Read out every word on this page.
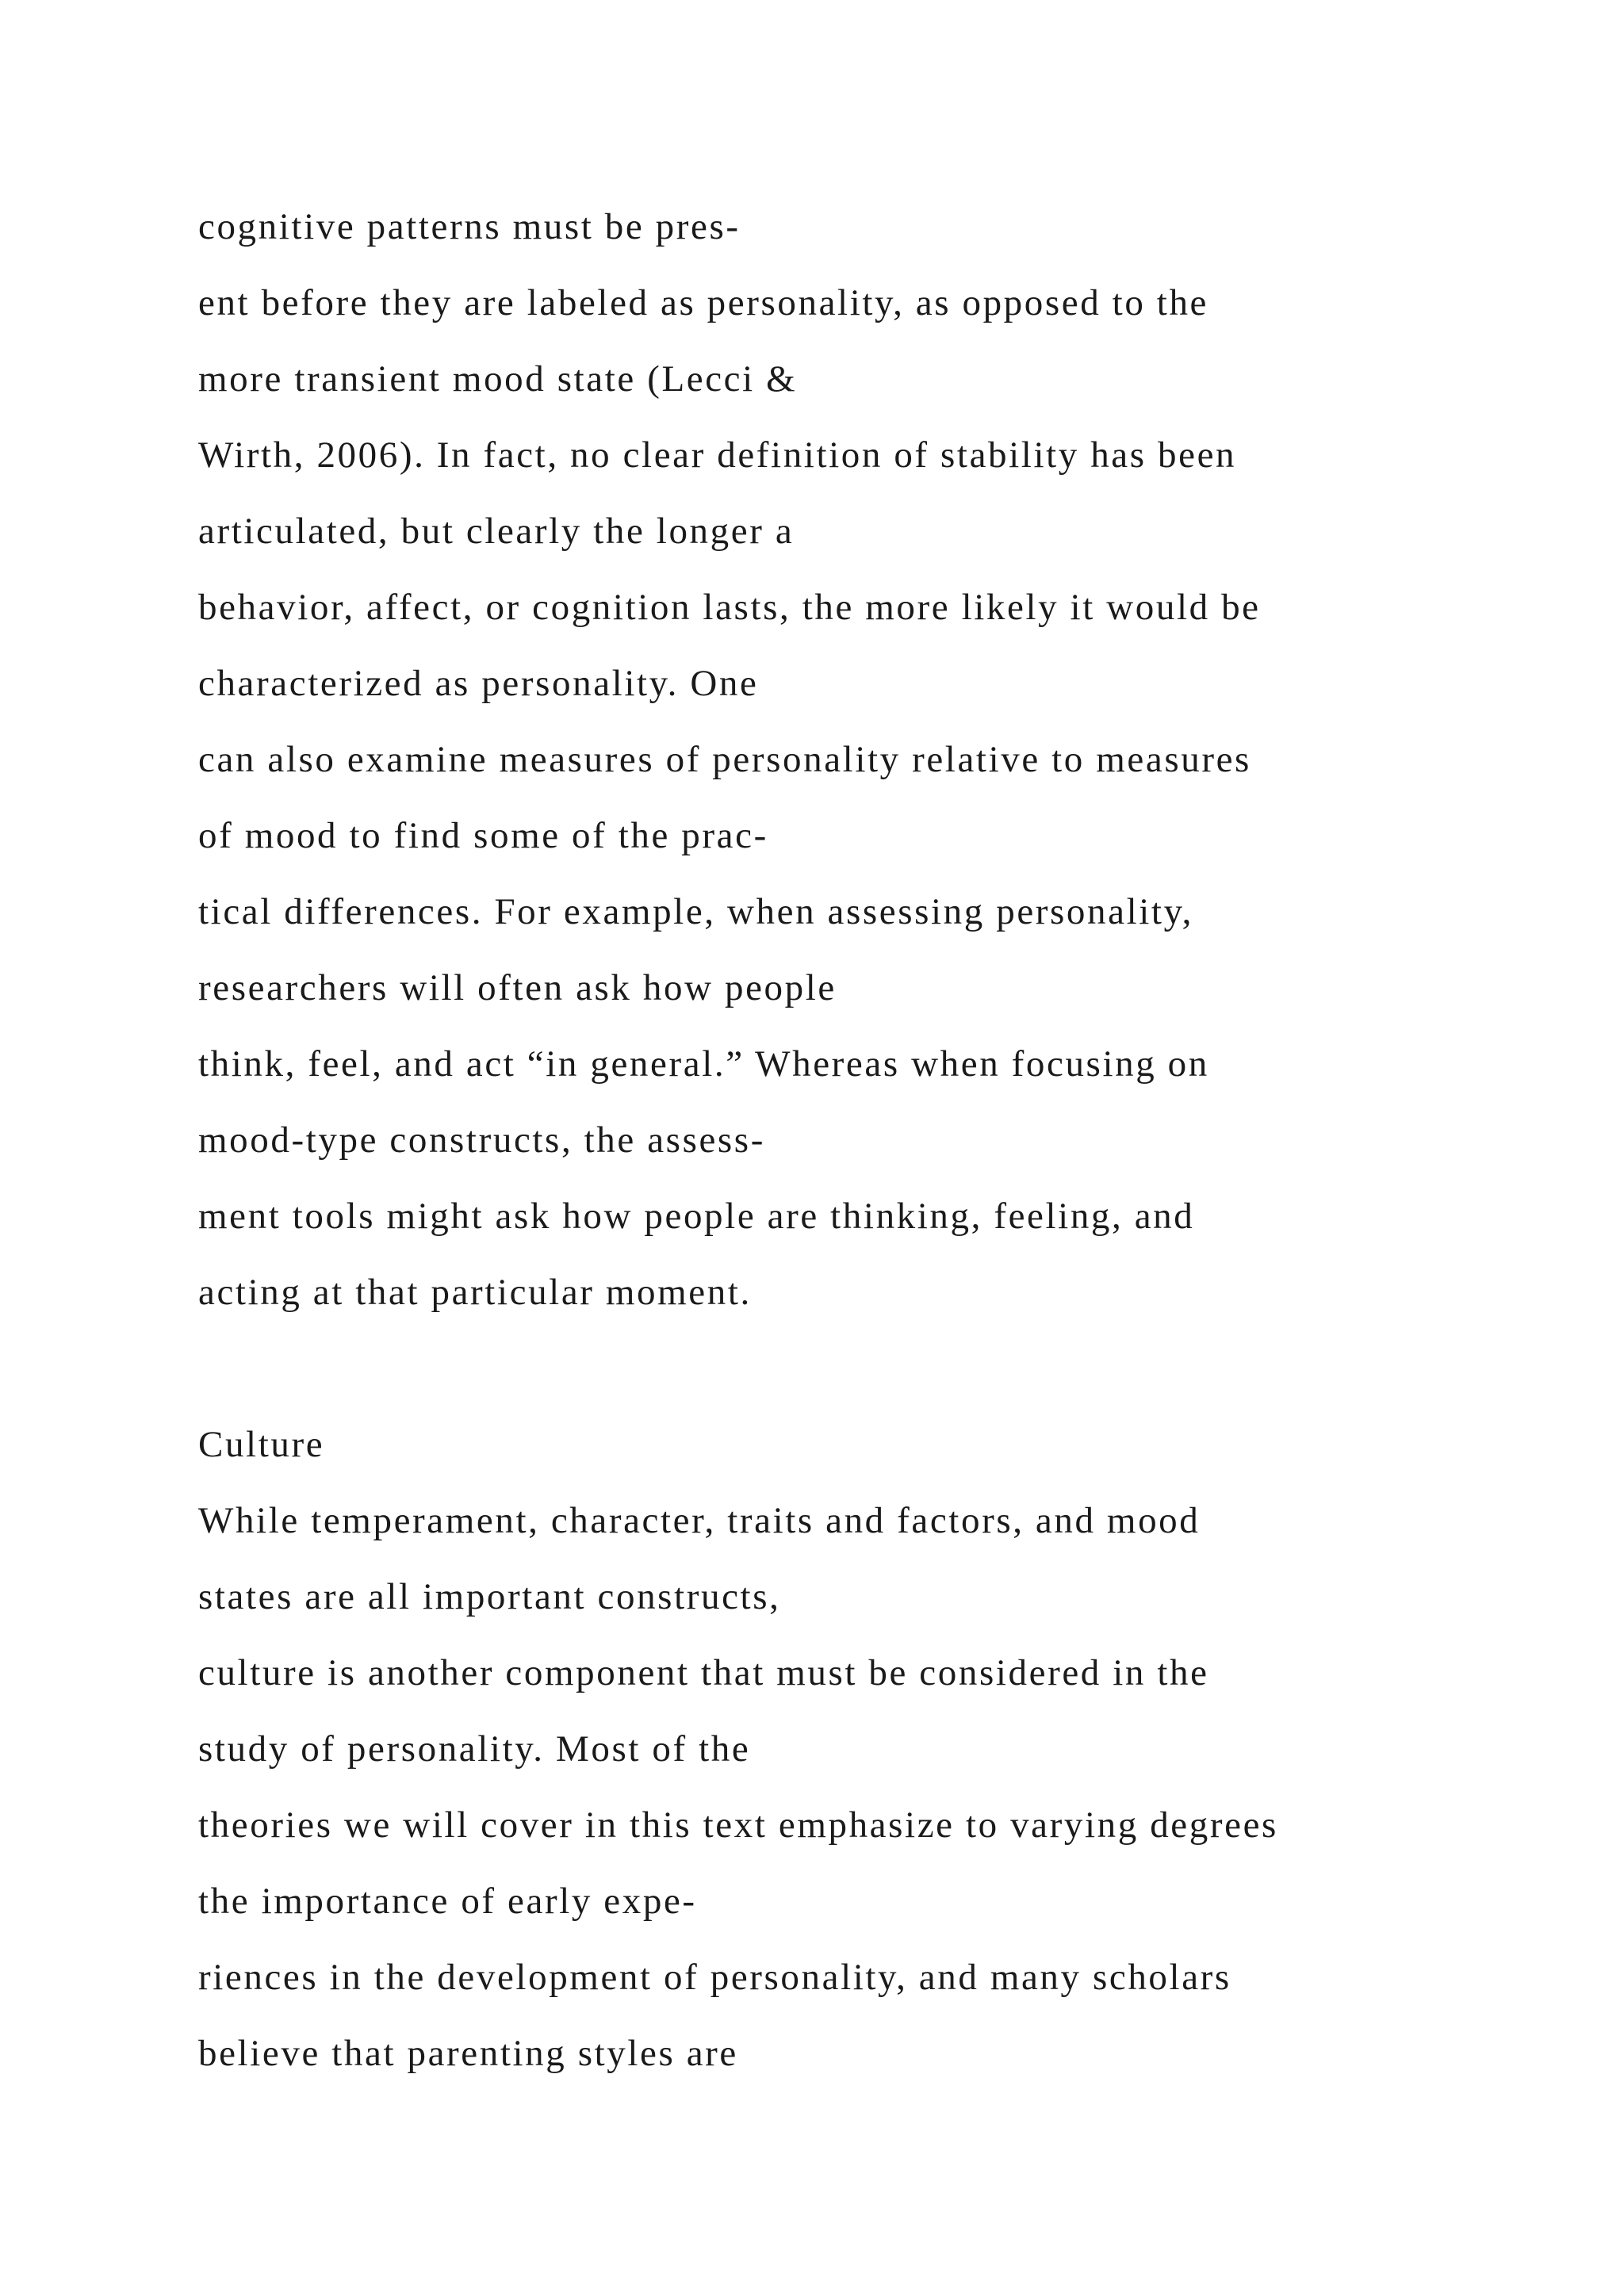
cognitive patterns must be pres-
ent before they are labeled as personality, as opposed to the
more transient mood state (Lecci &
Wirth, 2006). In fact, no clear definition of stability has been
articulated, but clearly the longer a
behavior, affect, or cognition lasts, the more likely it would be
characterized as personality. One
can also examine measures of personality relative to measures
of mood to find some of the prac-
tical differences. For example, when assessing personality,
researchers will often ask how people
think, feel, and act “in general.” Whereas when focusing on
mood-type constructs, the assess-
ment tools might ask how people are thinking, feeling, and
acting at that particular moment.
Culture
While temperament, character, traits and factors, and mood
states are all important constructs,
culture is another component that must be considered in the
study of personality. Most of the
theories we will cover in this text emphasize to varying degrees
the importance of early expe-
riences in the development of personality, and many scholars
believe that parenting styles are
